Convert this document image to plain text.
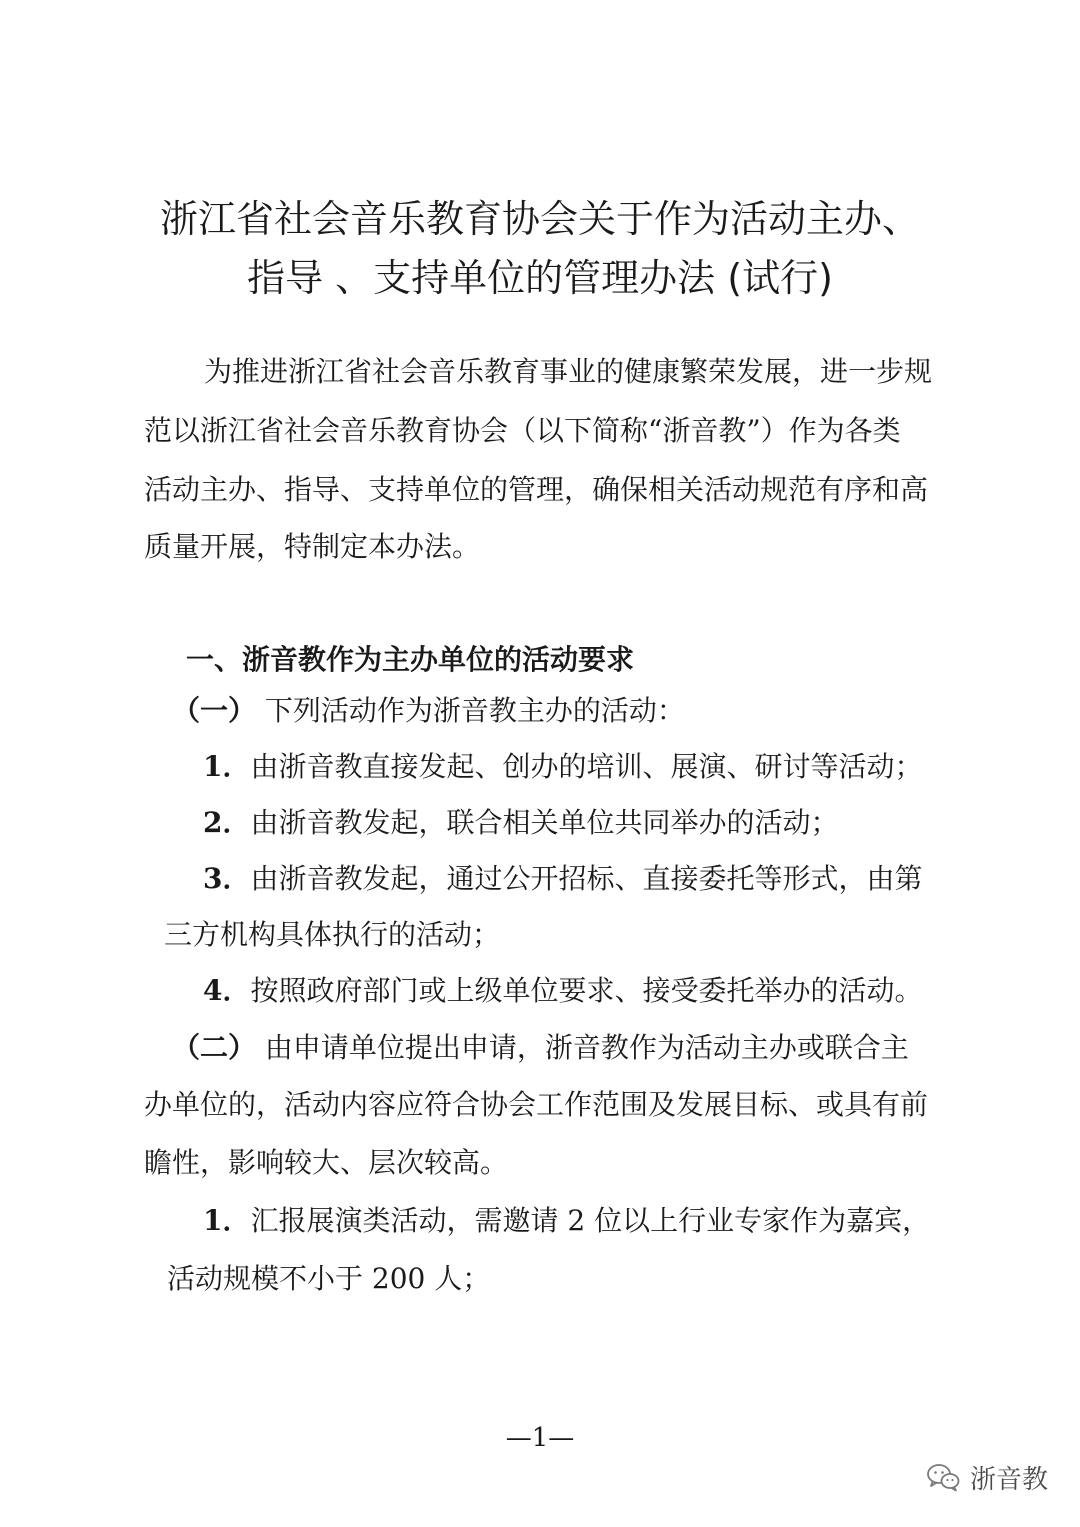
浙江省社会音乐教育协会关于作为活动主办、
指导 、支持单位的管理办法 (试行)

为推进浙江省社会音乐教育事业的健康繁荣发展，进一步规

范以浙江省社会音乐教育协会（以下简称“浙音教”）作为各类

活动主办、指导、支持单位的管理，确保相关活动规范有序和高

质量开展，特制定本办法。

一、浙音教作为主办单位的活动要求

（一） 下列活动作为浙音教主办的活动：

1．由浙音教直接发起、创办的培训、展演、研讨等活动；

2．由浙音教发起，联合相关单位共同举办的活动；

3．由浙音教发起，通过公开招标、直接委托等形式，由第

三方机构具体执行的活动；

4．按照政府部门或上级单位要求、接受委托举办的活动。

（二） 由申请单位提出申请，浙音教作为活动主办或联合主

办单位的，活动内容应符合协会工作范围及发展目标、或具有前

瞻性，影响较大、层次较高。

1．汇报展演类活动，需邀请 2 位以上行业专家作为嘉宾，

活动规模不小于 200 人；

—1—
浙音教
